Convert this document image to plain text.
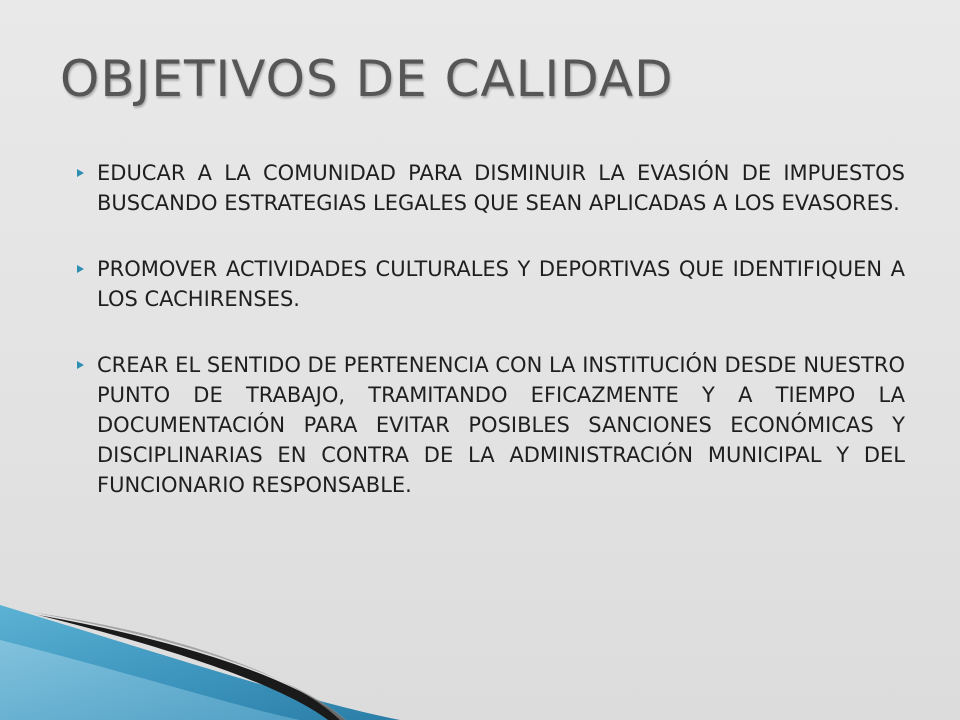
OBJETIVOS DE CALIDAD
EDUCAR A LA COMUNIDAD PARA DISMINUIR LA EVASIÓN DE IMPUESTOS BUSCANDO ESTRATEGIAS LEGALES QUE SEAN APLICADAS A LOS EVASORES.
PROMOVER ACTIVIDADES CULTURALES Y DEPORTIVAS QUE IDENTIFIQUEN A LOS CACHIRENSES.
CREAR EL SENTIDO DE PERTENENCIA CON LA INSTITUCIÓN DESDE NUESTRO PUNTO DE TRABAJO, TRAMITANDO EFICAZMENTE Y A TIEMPO LA DOCUMENTACIÓN PARA EVITAR POSIBLES SANCIONES ECONÓMICAS Y DISCIPLINARIAS EN CONTRA DE LA ADMINISTRACIÓN MUNICIPAL Y DEL FUNCIONARIO RESPONSABLE.
